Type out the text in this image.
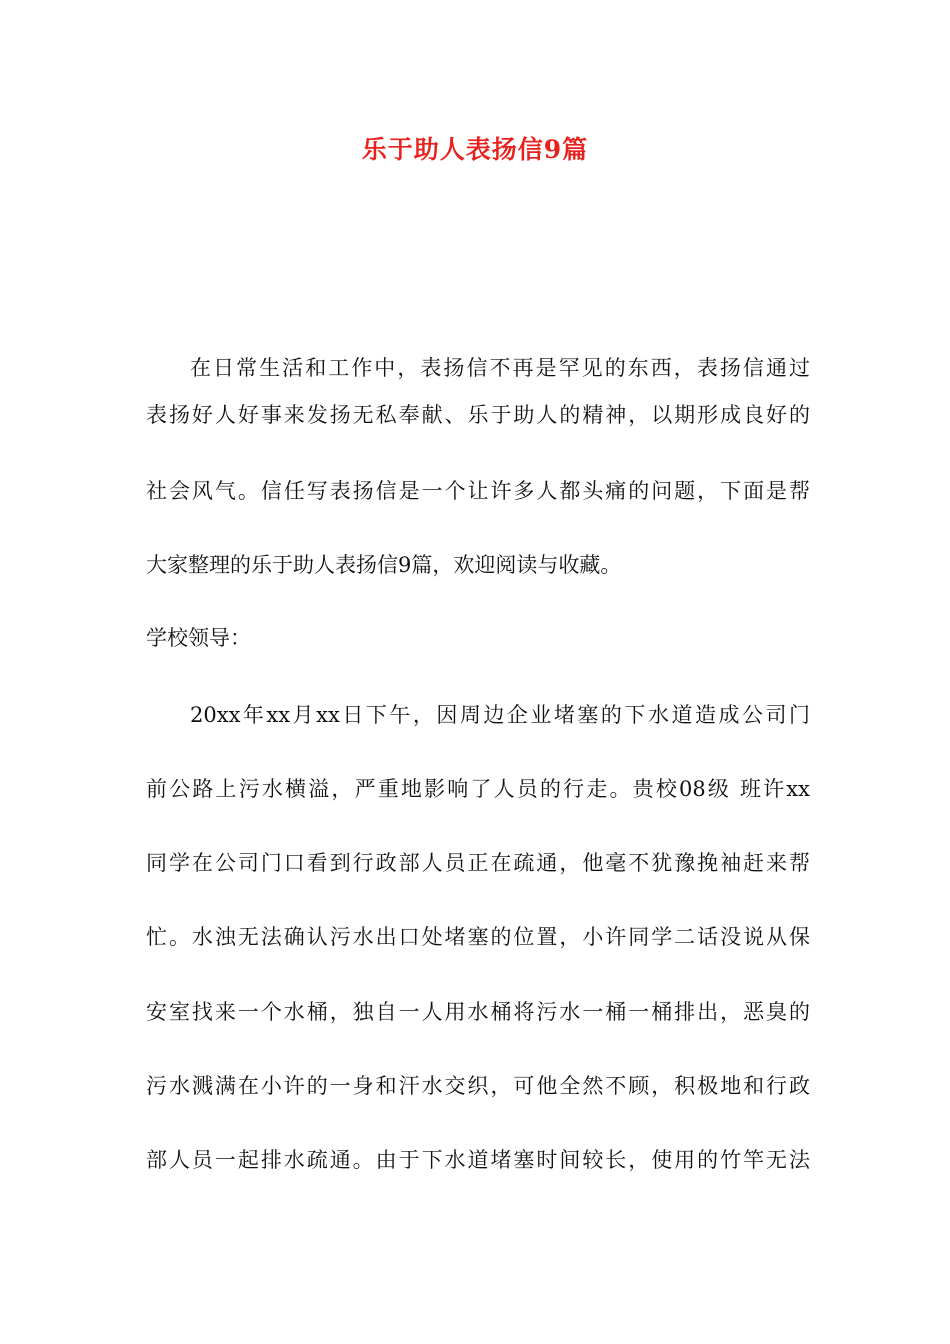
乐于助人表扬信9篇
在日常生活和工作中，表扬信不再是罕见的东西，表扬信通过
表扬好人好事来发扬无私奉献、乐于助人的精神，以期形成良好的
社会风气。信任写表扬信是一个让许多人都头痛的问题，下面是帮
大家整理的乐于助人表扬信9篇，欢迎阅读与收藏。
学校领导：
20xx年xx月xx日下午，因周边企业堵塞的下水道造成公司门
前公路上污水横溢，严重地影响了人员的行走。贵校08级 班许xx
同学在公司门口看到行政部人员正在疏通，他毫不犹豫挽袖赶来帮
忙。水浊无法确认污水出口处堵塞的位置，小许同学二话没说从保
安室找来一个水桶，独自一人用水桶将污水一桶一桶排出，恶臭的
污水溅满在小许的一身和汗水交织，可他全然不顾，积极地和行政
部人员一起排水疏通。由于下水道堵塞时间较长，使用的竹竿无法
